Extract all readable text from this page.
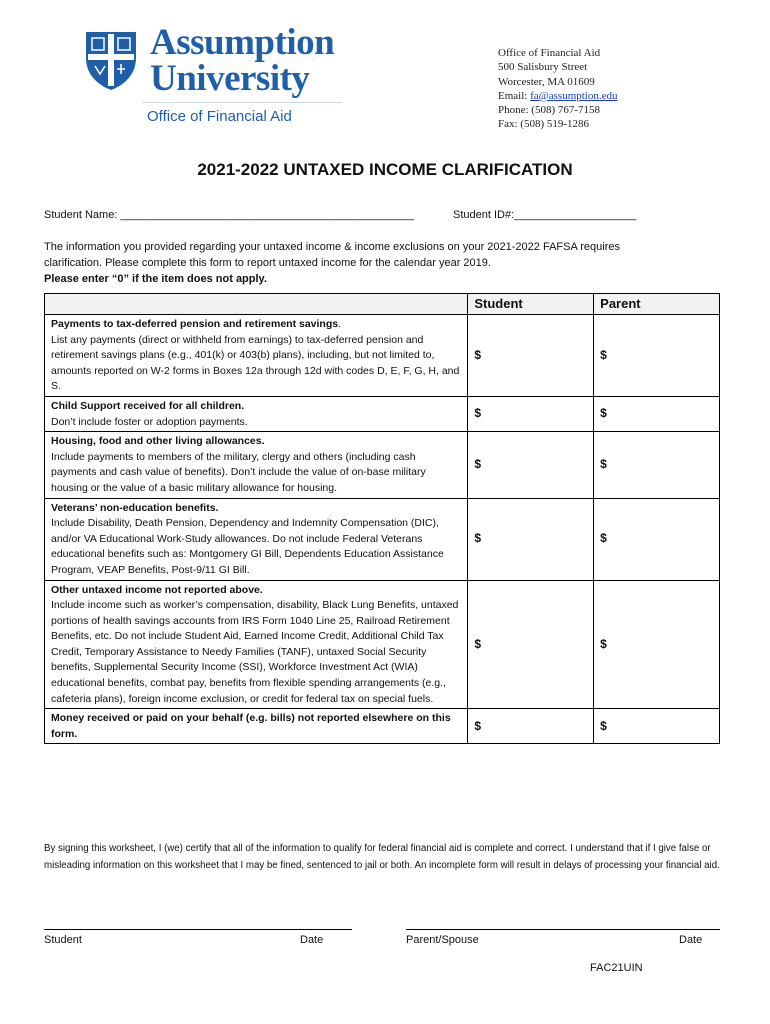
Assumption
University
Office of Financial Aid
Office of Financial Aid
500 Salisbury Street
Worcester, MA 01609
Email: fa@assumption.edu
Phone: (508) 767-7158
Fax: (508) 519-1286
2021-2022 UNTAXED INCOME CLARIFICATION
Student Name: ________________________________________________	Student ID#:____________________
The information you provided regarding your untaxed income & income exclusions on your 2021-2022 FAFSA requires
clarification. Please complete this form to report untaxed income for the calendar year 2019.
Please enter “0” if the item does not apply.
	Student	Parent
Payments to tax-deferred pension and retirement savings.
List any payments (direct or withheld from earnings) to tax-deferred pension and retirement savings plans (e.g., 401(k) or 403(b) plans), including, but not limited to, amounts reported on W-2 forms in Boxes 12a through 12d with codes D, E, F, G, H, and S.	$	$
Child Support received for all children.
Don’t include foster or adoption payments.	$	$
Housing, food and other living allowances.
Include payments to members of the military, clergy and others (including cash payments and cash value of benefits). Don’t include the value of on-base military housing or the value of a basic military allowance for housing.	$	$
Veterans’ non-education benefits.
Include Disability, Death Pension, Dependency and Indemnity Compensation (DIC), and/or VA Educational Work-Study allowances. Do not include Federal Veterans educational benefits such as: Montgomery GI Bill, Dependents Education Assistance Program, VEAP Benefits, Post-9/11 GI Bill.	$	$
Other untaxed income not reported above.
Include income such as worker’s compensation, disability, Black Lung Benefits, untaxed portions of health savings accounts from IRS Form 1040 Line 25, Railroad Retirement Benefits, etc. Do not include Student Aid, Earned Income Credit, Additional Child Tax Credit, Temporary Assistance to Needy Families (TANF), untaxed Social Security benefits, Supplemental Security Income (SSI), Workforce Investment Act (WIA) educational benefits, combat pay, benefits from flexible spending arrangements (e.g., cafeteria plans), foreign income exclusion, or credit for federal tax on special fuels.	$	$
Money received or paid on your behalf (e.g. bills) not reported elsewhere on this form.	$	$
By signing this worksheet, I (we) certify that all of the information to qualify for federal financial aid is complete and correct. I understand that if I give false or misleading information on this worksheet that I may be fined, sentenced to jail or both. An incomplete form will result in delays of processing your financial aid.
Student	Date	Parent/Spouse	Date
FAC21UIN
